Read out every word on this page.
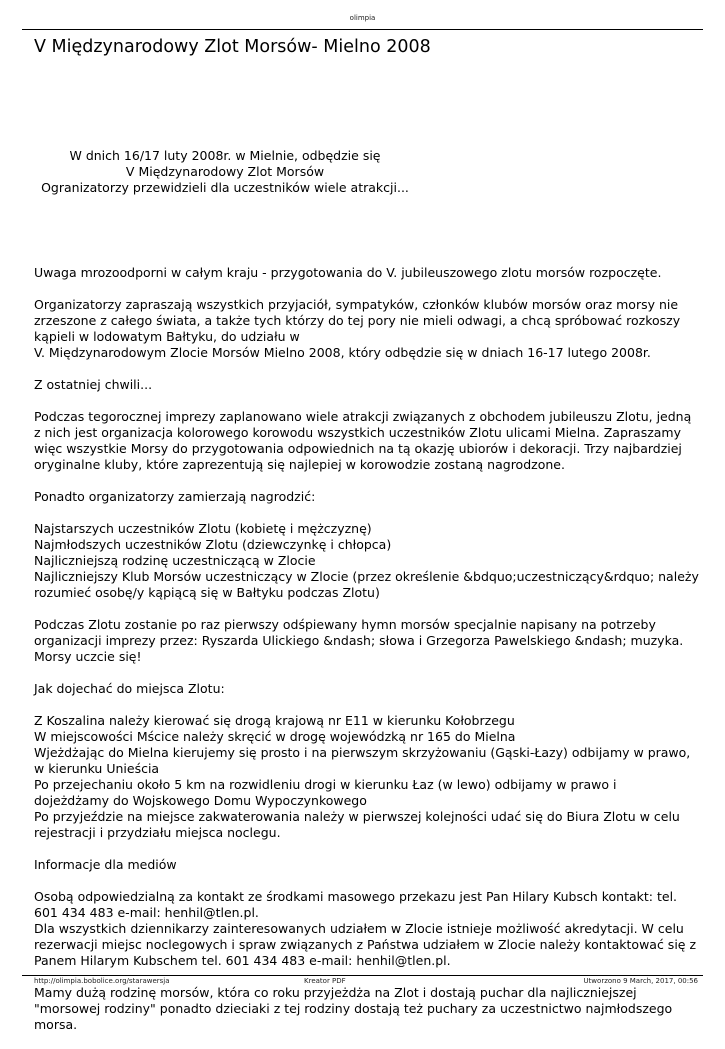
olimpia
V Międzynarodowy Zlot Morsów- Mielno 2008
W dnich 16/17 luty 2008r. w Mielnie, odbędzie się
V Międzynarodowy Zlot Morsów
Ogranizatorzy przewidzieli dla uczestników wiele atrakcji...

Uwaga mrozoodporni w całym kraju - przygotowania do V. jubileuszowego zlotu morsów rozpoczęte.

Organizatorzy zapraszają wszystkich przyjaciół, sympatyków, członków klubów morsów oraz morsy nie
zrzeszone z całego świata, a także tych którzy do tej pory nie mieli odwagi, a chcą spróbować rozkoszy
kąpieli w lodowatym Bałtyku, do udziału w
V. Międzynarodowym Zlocie Morsów Mielno 2008, który odbędzie się w dniach 16-17 lutego 2008r.

Z ostatniej chwili...

Podczas tegorocznej imprezy zaplanowano wiele atrakcji związanych z obchodem jubileuszu Zlotu, jedną
z nich jest organizacja kolorowego korowodu wszystkich uczestników Zlotu ulicami Mielna. Zapraszamy
więc wszystkie Morsy do przygotowania odpowiednich na tą okazję ubiorów i dekoracji. Trzy najbardziej
oryginalne kluby, które zaprezentują się najlepiej w korowodzie zostaną nagrodzone.

Ponadto organizatorzy zamierzają nagrodzić:

Najstarszych uczestników Zlotu (kobietę i mężczyznę)
Najmłodszych uczestników Zlotu (dziewczynkę i chłopca)
Najliczniejszą rodzinę uczestniczącą w Zlocie
Najliczniejszy Klub Morsów uczestniczący w Zlocie (przez określenie &bdquo;uczestniczący&rdquo; należy
rozumieć osobę/y kąpiącą się w Bałtyku podczas Zlotu)

Podczas Zlotu zostanie po raz pierwszy odśpiewany hymn morsów specjalnie napisany na potrzeby
organizacji imprezy przez: Ryszarda Ulickiego &ndash; słowa i Grzegorza Pawelskiego &ndash; muzyka.
Morsy uczcie się!

Jak dojechać do miejsca Zlotu:

Z Koszalina należy kierować się drogą krajową nr E11 w kierunku Kołobrzegu
W miejscowości Mścice należy skręcić w drogę wojewódzką nr 165 do Mielna
Wjeżdżając do Mielna kierujemy się prosto i na pierwszym skrzyżowaniu (Gąski-Łazy) odbijamy w prawo,
w kierunku Unieścia
Po przejechaniu około 5 km na rozwidleniu drogi w kierunku Łaz (w lewo) odbijamy w prawo i
dojeżdżamy do Wojskowego Domu Wypoczynkowego
Po przyjeździe na miejsce zakwaterowania należy w pierwszej kolejności udać się do Biura Zlotu w celu
rejestracji i przydziału miejsca noclegu.

Informacje dla mediów

Osobą odpowiedzialną za kontakt ze środkami masowego przekazu jest Pan Hilary Kubsch kontakt: tel.
601 434 483 e-mail: henhil@tlen.pl.
Dla wszystkich dziennikarzy zainteresowanych udziałem w Zlocie istnieje możliwość akredytacji. W celu
rezerwacji miejsc noclegowych i spraw związanych z Państwa udziałem w Zlocie należy kontaktować się z
Panem Hilarym Kubschem tel. 601 434 483 e-mail: henhil@tlen.pl.

Mamy dużą rodzinę morsów, która co roku przyjeżdża na Zlot i dostają puchar dla najliczniejszej
"morsowej rodziny" ponadto dzieciaki z tej rodziny dostają też puchary za uczestnictwo najmłodszego
morsa.

http://olimpia.bobolice.org/starawersja	Kreator PDF	Utworzono 9 March, 2017, 00:56
